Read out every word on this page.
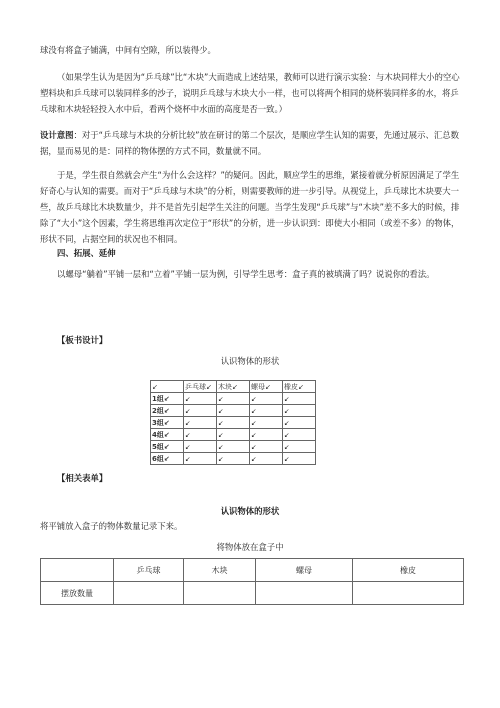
球没有将盒子铺满，中间有空隙，所以装得少。

（如果学生认为是因为“乒乓球”比“木块”大而造成上述结果，教师可以进行演示实验：与木块同样大小的空心塑料块和乒乓球可以装同样多的沙子，说明乒乓球与木块大小一样，也可以将两个相同的烧杯装同样多的水，将乒乓球和木块轻轻投入水中后，看两个烧杯中水面的高度是否一致。）

设计意图：对于“乒乓球与木块的分析比较”放在研讨的第二个层次，是顺应学生认知的需要，先通过展示、汇总数据，显而易见的是：同样的物体摆的方式不同，数量就不同。

于是，学生很自然就会产生“为什么会这样？”的疑问。因此，顺应学生的思维，紧接着就分析原因满足了学生好奇心与认知的需要。而对于“乒乓球与木块”的分析，则需要教师的进一步引导。从视觉上，乒乓球比木块要大一些，故乒乓球比木块数量少，并不是首先引起学生关注的问题。当学生发现“乒乓球”与“木块”差不多大的时候，排除了“大小”这个因素，学生将思维再次定位于“形状”的分析，进一步认识到：即使大小相同（或差不多）的物体，形状不同，占据空间的状况也不相同。

四、拓展、延伸

以螺母“躺着”平铺一层和“立着”平铺一层为例，引导学生思考：盒子真的被填满了吗？说说你的看法。

【板书设计】
认识物体的形状
↙	乒乓球↙	木块↙	螺母↙	橡皮↙
1组↙	↙	↙	↙	↙
2组↙	↙	↙	↙	↙
3组↙	↙	↙	↙	↙
4组↙	↙	↙	↙	↙
5组↙	↙	↙	↙	↙
6组↙	↙	↙	↙	↙
【相关表单】
认识物体的形状
将平铺放入盒子的物体数量记录下来。
将物体放在盒子中
	乒乓球	木块	螺母	橡皮
摆放数量				
